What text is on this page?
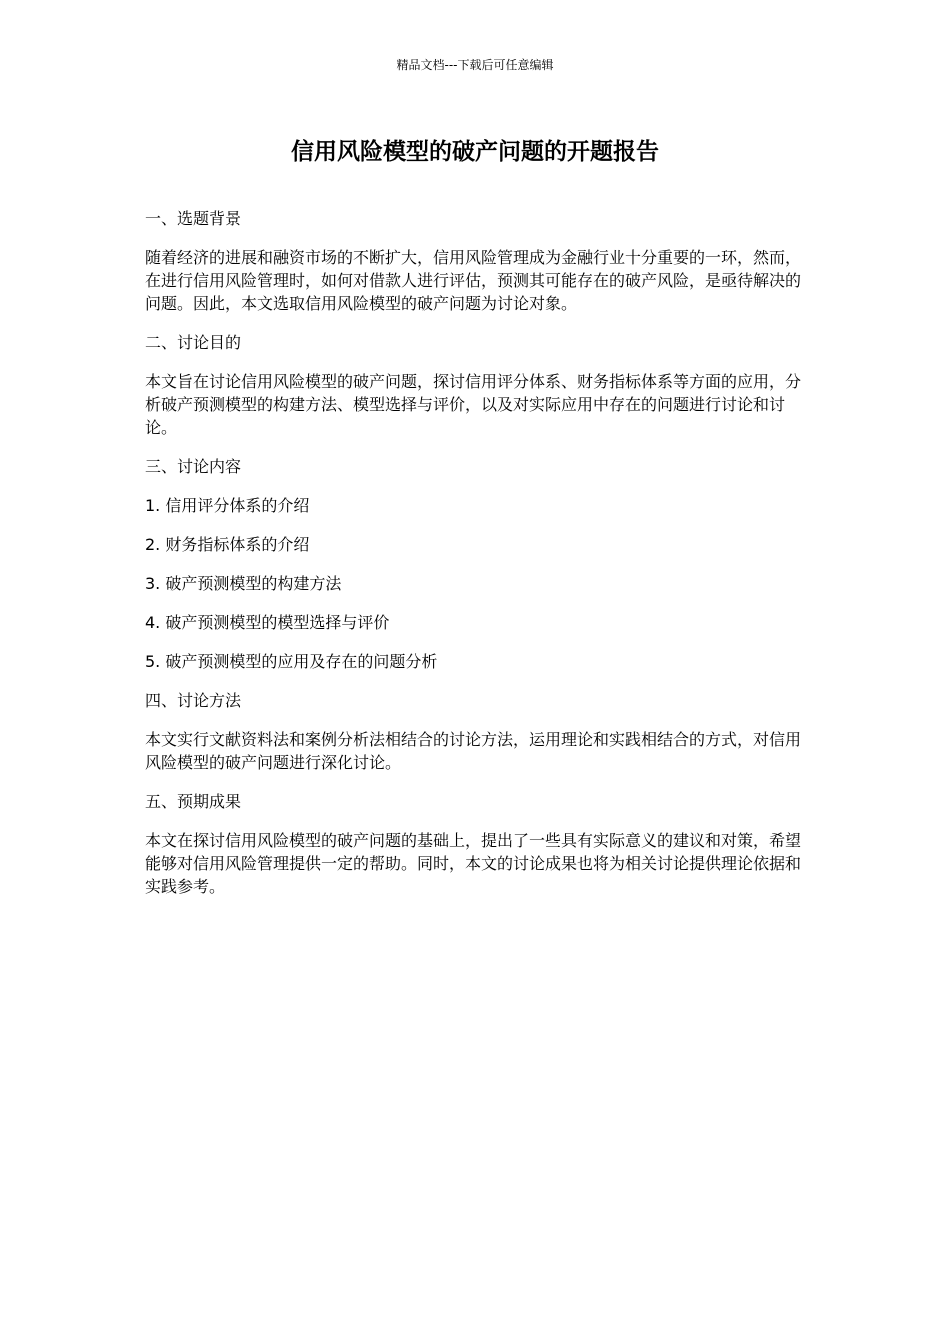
精品文档---下载后可任意编辑
信用风险模型的破产问题的开题报告

一、选题背景

随着经济的进展和融资市场的不断扩大，信用风险管理成为金融行业十分重要的一环，然而，在进行信用风险管理时，如何对借款人进行评估，预测其可能存在的破产风险，是亟待解决的问题。因此，本文选取信用风险模型的破产问题为讨论对象。

二、讨论目的

本文旨在讨论信用风险模型的破产问题，探讨信用评分体系、财务指标体系等方面的应用，分析破产预测模型的构建方法、模型选择与评价，以及对实际应用中存在的问题进行讨论和讨论。

三、讨论内容

1. 信用评分体系的介绍

2. 财务指标体系的介绍

3. 破产预测模型的构建方法

4. 破产预测模型的模型选择与评价

5. 破产预测模型的应用及存在的问题分析

四、讨论方法

本文实行文献资料法和案例分析法相结合的讨论方法，运用理论和实践相结合的方式，对信用风险模型的破产问题进行深化讨论。

五、预期成果

本文在探讨信用风险模型的破产问题的基础上，提出了一些具有实际意义的建议和对策，希望能够对信用风险管理提供一定的帮助。同时，本文的讨论成果也将为相关讨论提供理论依据和实践参考。
